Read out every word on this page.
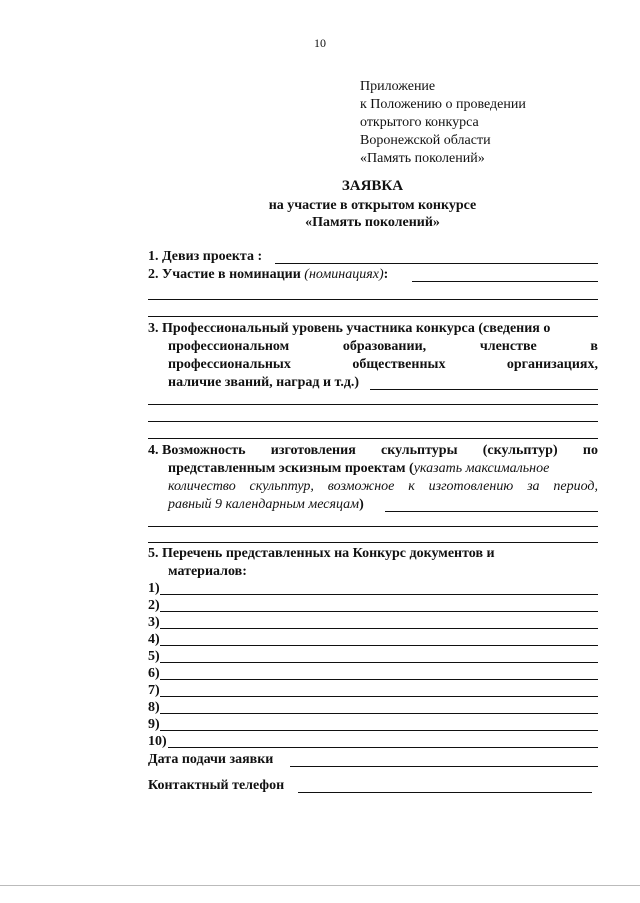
10
Приложение
к Положению о проведении
открытого конкурса
Воронежской области
«Память поколений»
ЗАЯВКА
на участие в открытом конкурсе
«Память поколений»
1. Девиз проекта :
2. Участие в номинации (номинациях):
3. Профессиональный уровень участника конкурса (сведения о
профессиональном	образовании,	членстве	в
профессиональных	общественных	организациях,
наличие званий, наград и т.д.)
4. Возможность изготовления скульптуры (скульптур) по
представленным эскизным проектам (указать максимальное
количество скульптур, возможное к изготовлению за период,
равный 9 календарным месяцам)
5. Перечень представленных на Конкурс документов и
материалов:
1)
2)
3)
4)
5)
6)
7)
8)
9)
10)
Дата подачи заявки
Контактный телефон
